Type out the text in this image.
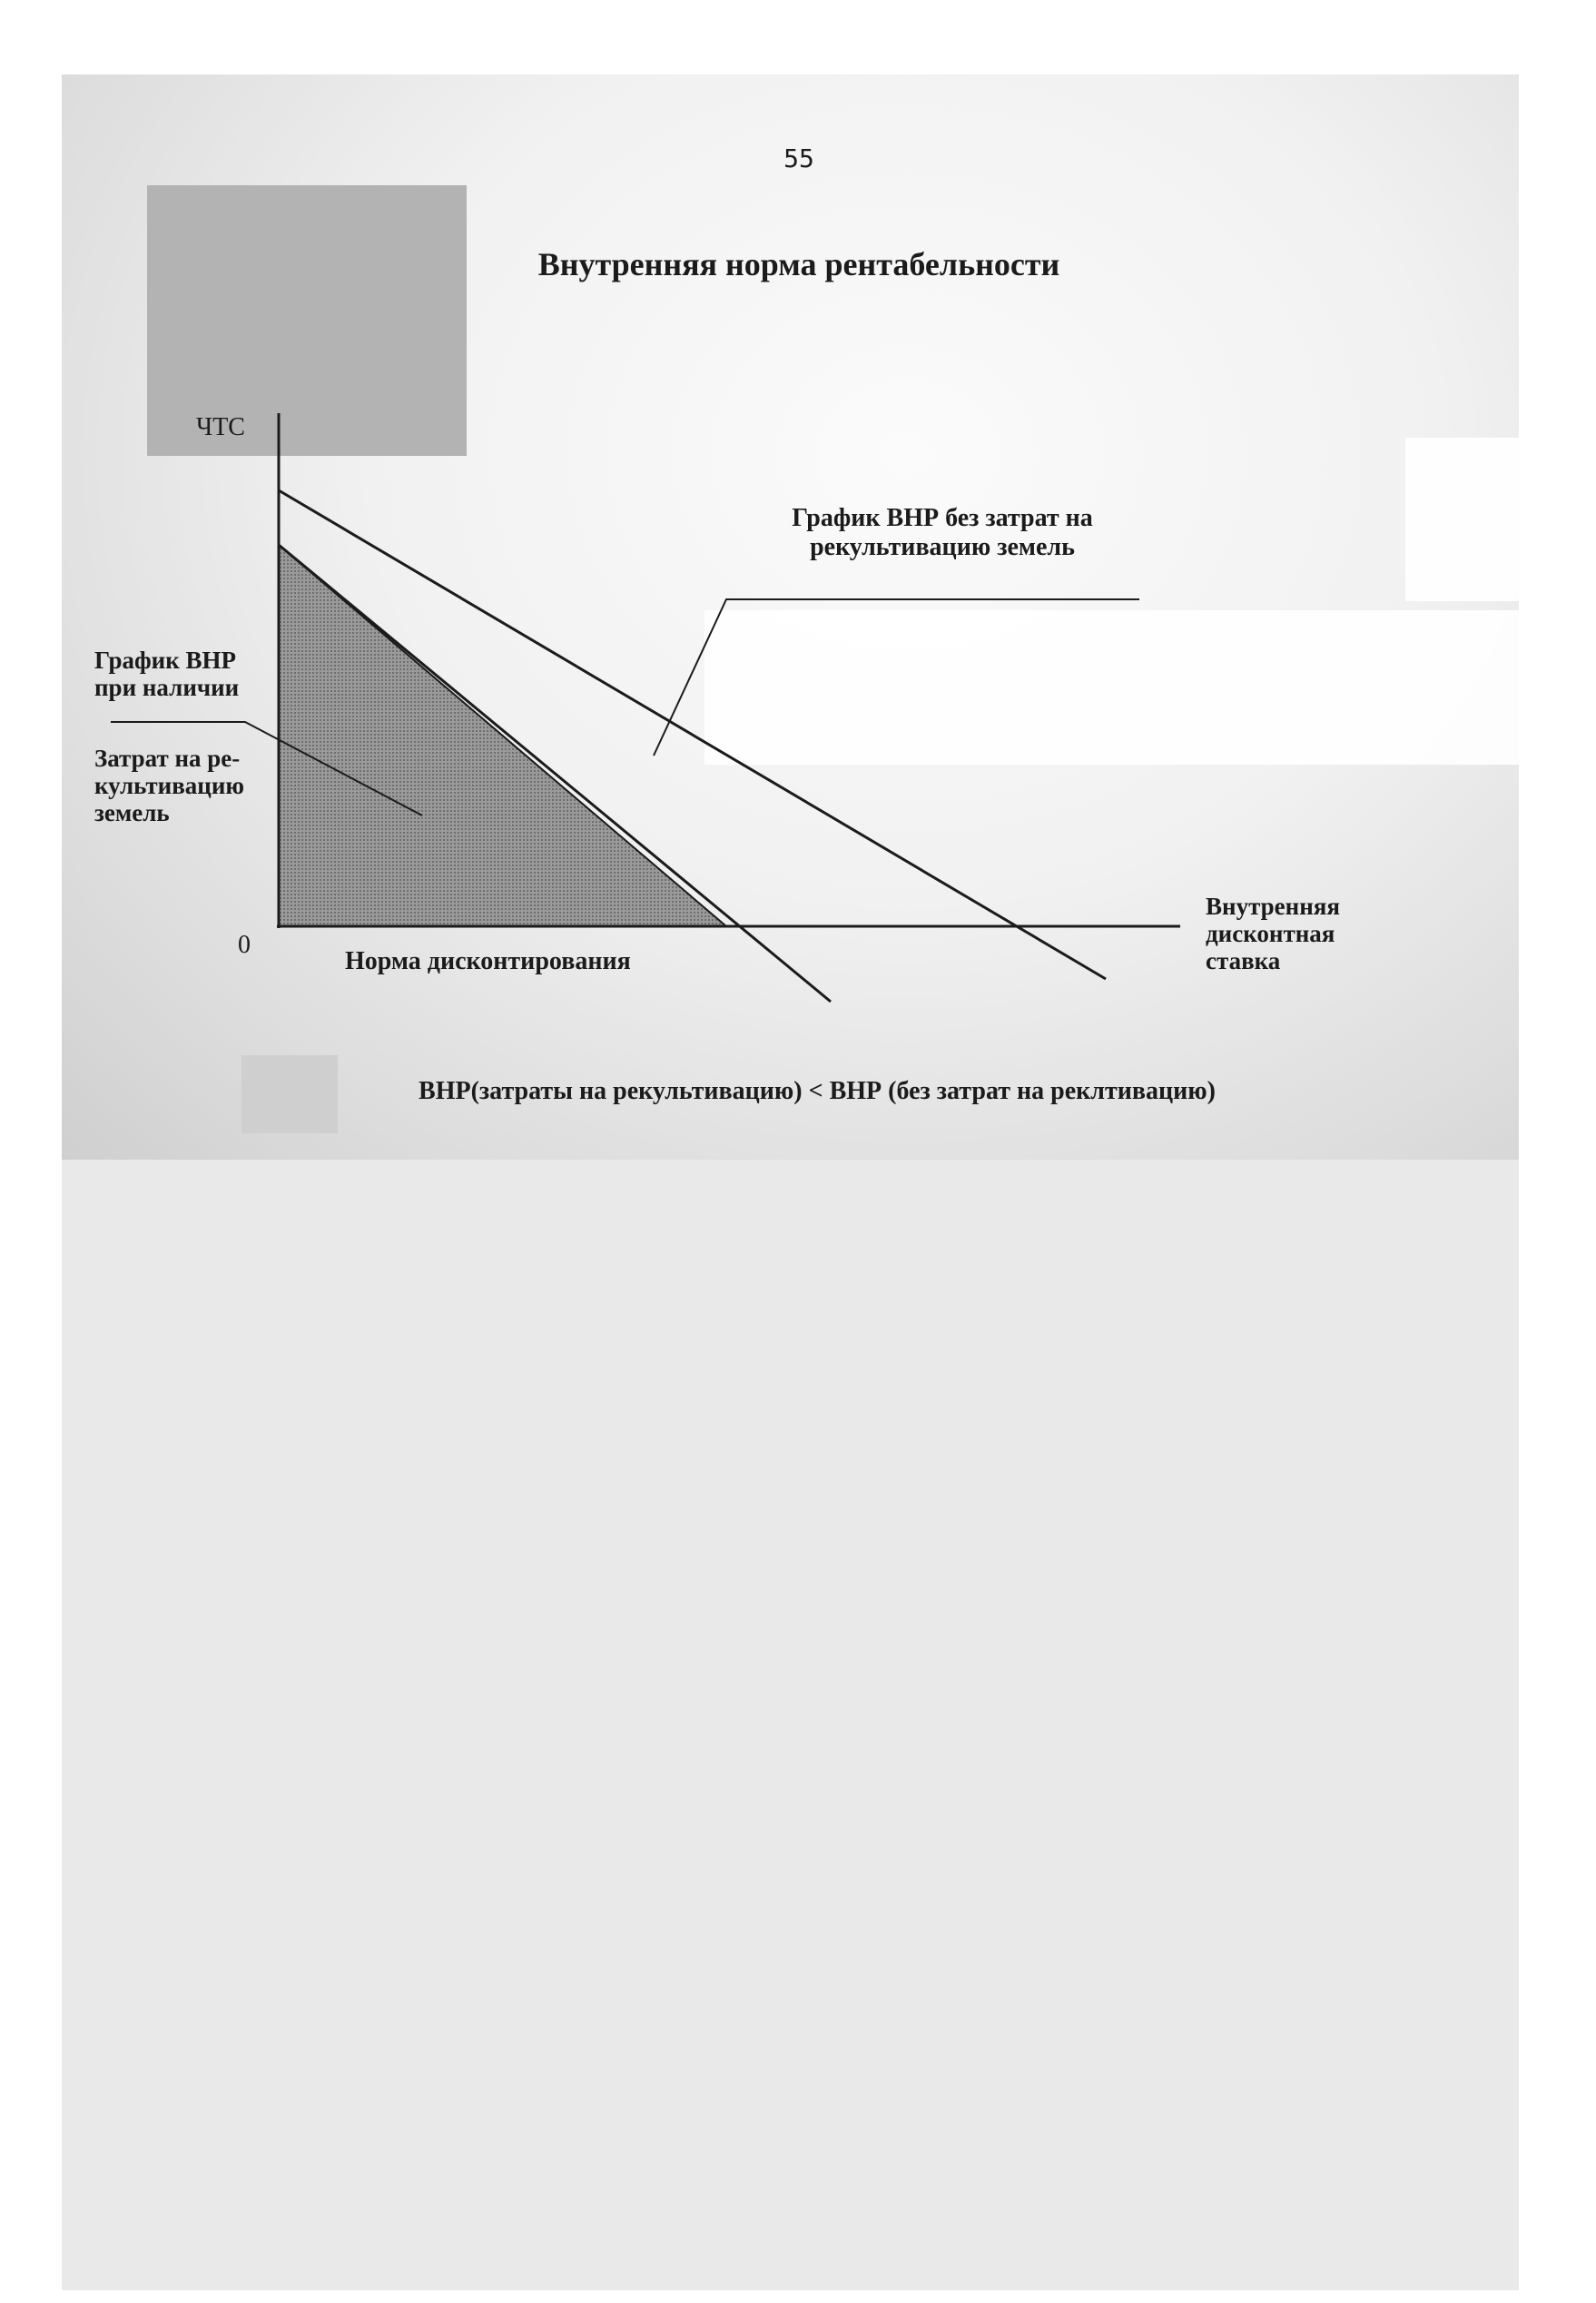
55

Внутренняя норма рентабельности

ЧТС

0

Норма дисконтирования

График ВНР без затрат на
рекультивацию земель
График ВНР
при наличии
Затрат на ре-
культивацию
земель
Внутренняя
дисконтная
ставка

ВНР(затраты на рекультивацию) < ВНР (без затрат на реклтивацию)
